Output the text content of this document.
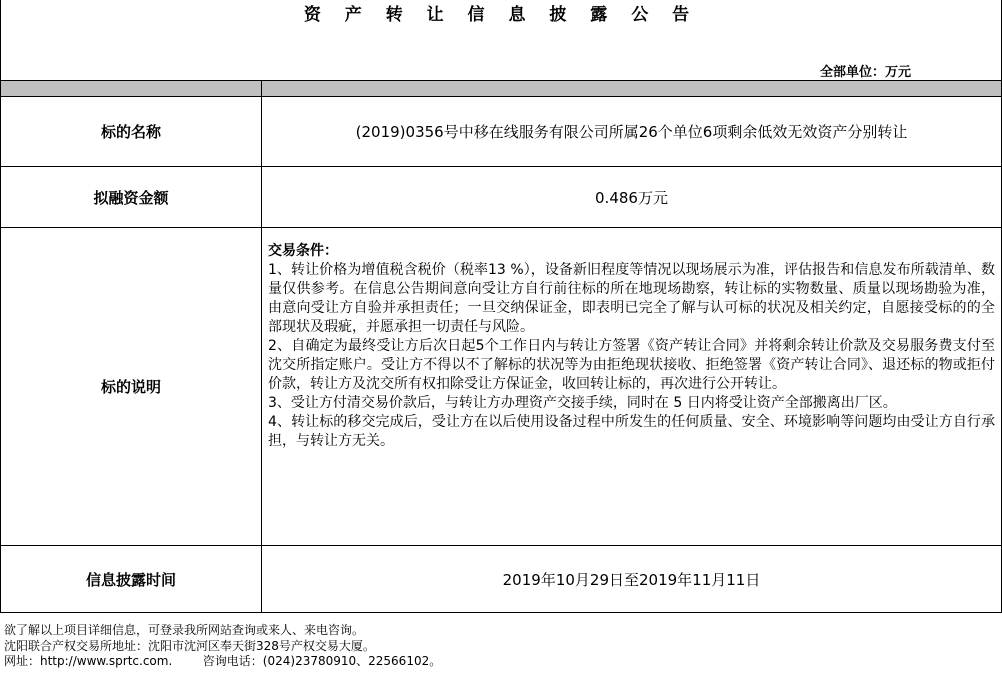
资 产 转 让 信 息 披 露 公 告
全部单位：万元

标的名称	(2019)0356号中移在线服务有限公司所属26个单位6项剩余低效无效资产分别转让
拟融资金额	0.486万元
标的说明	交易条件：

1、转让价格为增值税含税价（税率13 %），设备新旧程度等情况以现场展示为准，评估报告和信息发布所载清单、数量仅供参考。在信息公告期间意向受让方自行前往标的所在地现场勘察，转让标的实物数量、质量以现场勘验为准，由意向受让方自验并承担责任；一旦交纳保证金，即表明已完全了解与认可标的状况及相关约定，自愿接受标的的全部现状及瑕疵，并愿承担一切责任与风险。

2、自确定为最终受让方后次日起5个工作日内与转让方签署《资产转让合同》并将剩余转让价款及交易服务费支付至沈交所指定账户。受让方不得以不了解标的状况等为由拒绝现状接收、拒绝签署《资产转让合同》、退还标的物或拒付价款，转让方及沈交所有权扣除受让方保证金，收回转让标的，再次进行公开转让。

3、受让方付清交易价款后，与转让方办理资产交接手续，同时在 5 日内将受让资产全部搬离出厂区。

4、转让标的移交完成后，受让方在以后使用设备过程中所发生的任何质量、安全、环境影响等问题均由受让方自行承担，与转让方无关。

信息披露时间	2019年10月29日至2019年11月11日
欲了解以上项目详细信息，可登录我所网站查询或来人、来电咨询。
沈阳联合产权交易所地址：沈阳市沈河区奉天街328号产权交易大厦。
网址：http://www.sprtc.com.        咨询电话：(024)23780910、22566102。
